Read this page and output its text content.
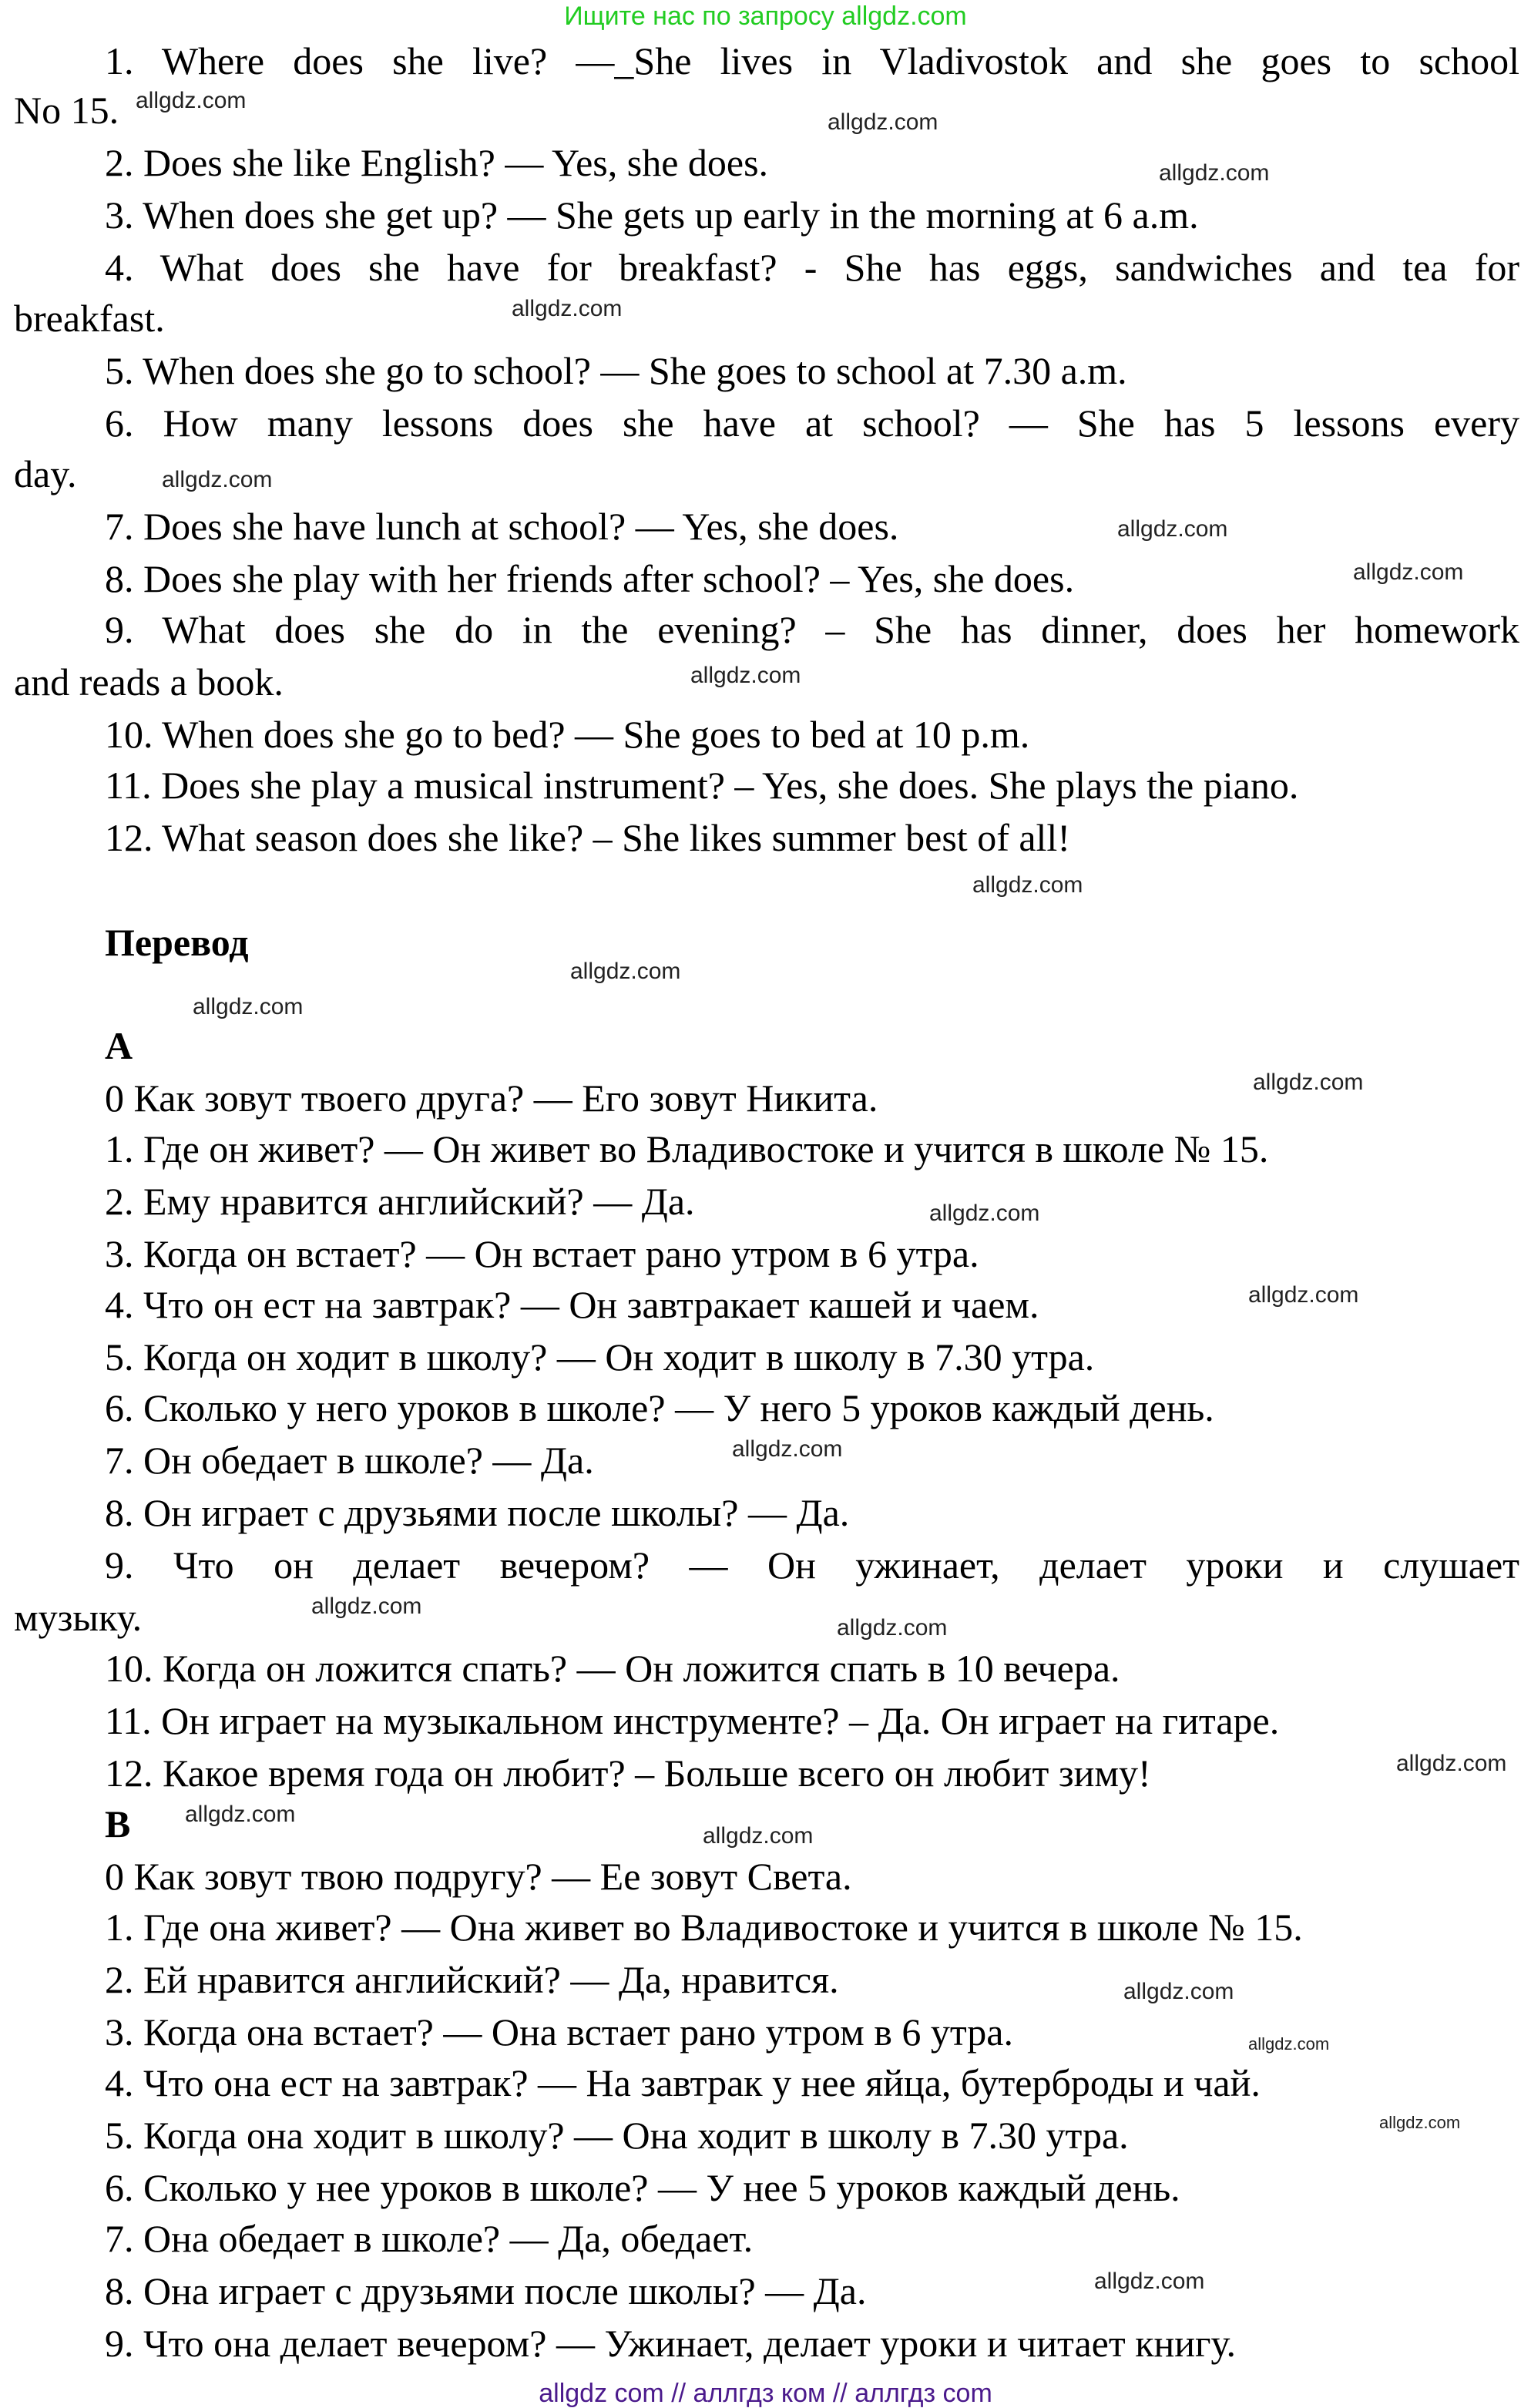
Ищите нас по запросу allgdz.com
1. Where does she live? —_She lives in Vladivostok and she goes to school
No 15.
2. Does she like English? — Yes, she does.
3. When does she get up? — She gets up early in the morning at 6 a.m.
4. What does she have for breakfast? - She has eggs, sandwiches and tea for
breakfast.
5. When does she go to school? — She goes to school at 7.30 a.m.
6. How many lessons does she have at school? — She has 5 lessons every
day.
7. Does she have lunch at school? — Yes, she does.
8. Does she play with her friends after school? – Yes, she does.
9. What does she do in the evening? – She has dinner, does her homework
and reads a book.
10. When does she go to bed? — She goes to bed at 10 p.m.
11. Does she play a musical instrument? – Yes, she does. She plays the piano.
12. What season does she like? – She likes summer best of all!
Перевод
A
0 Как зовут твоего друга? — Его зовут Никита.
1. Где он живет? — Он живет во Владивостоке и учится в школе № 15.
2. Ему нравится английский? — Да.
3. Когда он встает? — Он встает рано утром в 6 утра.
4. Что он ест на завтрак? — Он завтракает кашей и чаем.
5. Когда он ходит в школу? — Он ходит в школу в 7.30 утра.
6. Сколько у него уроков в школе? — У него 5 уроков каждый день.
7. Он обедает в школе? — Да.
8. Он играет с друзьями после школы? — Да.
9. Что он делает вечером? — Он ужинает, делает уроки и слушает
музыку.
10. Когда он ложится спать? — Он ложится спать в 10 вечера.
11. Он играет на музыкальном инструменте? – Да. Он играет на гитаре.
12. Какое время года он любит? – Больше всего он любит зиму!
B
0 Как зовут твою подругу? — Ее зовут Света.
1. Где она живет? — Она живет во Владивостоке и учится в школе № 15.
2. Ей нравится английский? — Да, нравится.
3. Когда она встает? — Она встает рано утром в 6 утра.
4. Что она ест на завтрак? — На завтрак у нее яйца, бутерброды и чай.
5. Когда она ходит в школу? — Она ходит в школу в 7.30 утра.
6. Сколько у нее уроков в школе? — У нее 5 уроков каждый день.
7. Она обедает в школе? — Да, обедает.
8. Она играет с друзьями после школы? — Да.
9. Что она делает вечером? — Ужинает, делает уроки и читает книгу.
allgdz.com
allgdz.com
allgdz.com
allgdz.com
allgdz.com
allgdz.com
allgdz.com
allgdz.com
allgdz.com
allgdz.com
allgdz.com
allgdz.com
allgdz.com
allgdz.com
allgdz.com
allgdz.com
allgdz.com
allgdz.com
allgdz.com
allgdz.com
allgdz.com
allgdz.com
allgdz.com
allgdz.com
allgdz com // аллгдз ком // аллгдз com
